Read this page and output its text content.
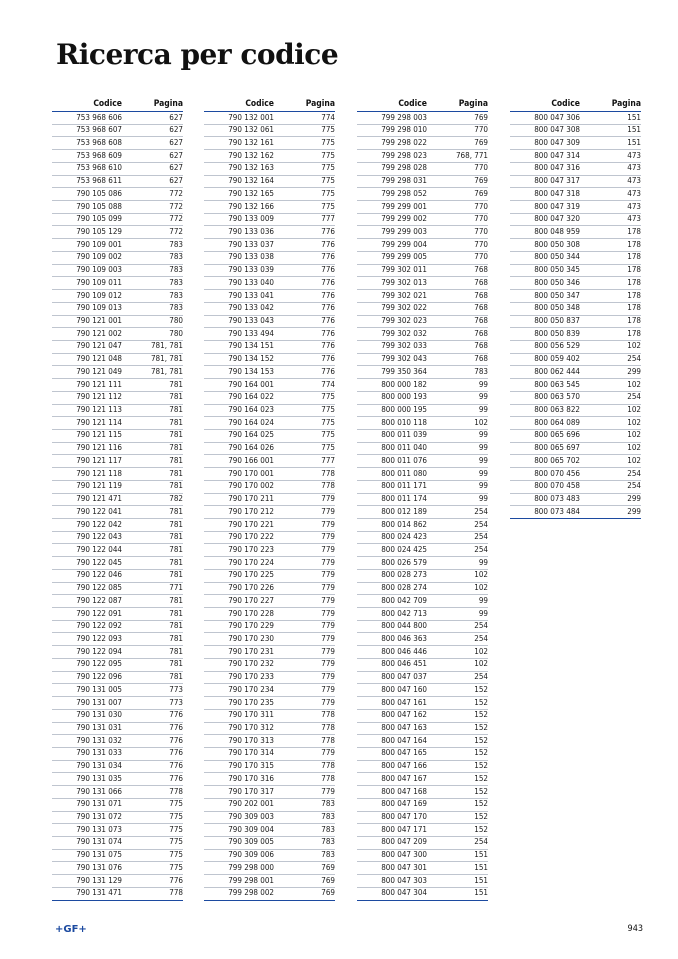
Ricerca per codice
Codice	Pagina
753 968 606	627
753 968 607	627
753 968 608	627
753 968 609	627
753 968 610	627
753 968 611	627
790 105 086	772
790 105 088	772
790 105 099	772
790 105 129	772
790 109 001	783
790 109 002	783
790 109 003	783
790 109 011	783
790 109 012	783
790 109 013	783
790 121 001	780
790 121 002	780
790 121 047	781, 781
790 121 048	781, 781
790 121 049	781, 781
790 121 111	781
790 121 112	781
790 121 113	781
790 121 114	781
790 121 115	781
790 121 116	781
790 121 117	781
790 121 118	781
790 121 119	781
790 121 471	782
790 122 041	781
790 122 042	781
790 122 043	781
790 122 044	781
790 122 045	781
790 122 046	781
790 122 085	771
790 122 087	781
790 122 091	781
790 122 092	781
790 122 093	781
790 122 094	781
790 122 095	781
790 122 096	781
790 131 005	773
790 131 007	773
790 131 030	776
790 131 031	776
790 131 032	776
790 131 033	776
790 131 034	776
790 131 035	776
790 131 066	778
790 131 071	775
790 131 072	775
790 131 073	775
790 131 074	775
790 131 075	775
790 131 076	775
790 131 129	776
790 131 471	778
Codice	Pagina
790 132 001	774
790 132 061	775
790 132 161	775
790 132 162	775
790 132 163	775
790 132 164	775
790 132 165	775
790 132 166	775
790 133 009	777
790 133 036	776
790 133 037	776
790 133 038	776
790 133 039	776
790 133 040	776
790 133 041	776
790 133 042	776
790 133 043	776
790 133 494	776
790 134 151	776
790 134 152	776
790 134 153	776
790 164 001	774
790 164 022	775
790 164 023	775
790 164 024	775
790 164 025	775
790 164 026	775
790 166 001	777
790 170 001	778
790 170 002	778
790 170 211	779
790 170 212	779
790 170 221	779
790 170 222	779
790 170 223	779
790 170 224	779
790 170 225	779
790 170 226	779
790 170 227	779
790 170 228	779
790 170 229	779
790 170 230	779
790 170 231	779
790 170 232	779
790 170 233	779
790 170 234	779
790 170 235	779
790 170 311	778
790 170 312	778
790 170 313	778
790 170 314	779
790 170 315	778
790 170 316	778
790 170 317	779
790 202 001	783
790 309 003	783
790 309 004	783
790 309 005	783
790 309 006	783
799 298 000	769
799 298 001	769
799 298 002	769
Codice	Pagina
799 298 003	769
799 298 010	770
799 298 022	769
799 298 023	768, 771
799 298 028	770
799 298 031	769
799 298 052	769
799 299 001	770
799 299 002	770
799 299 003	770
799 299 004	770
799 299 005	770
799 302 011	768
799 302 013	768
799 302 021	768
799 302 022	768
799 302 023	768
799 302 032	768
799 302 033	768
799 302 043	768
799 350 364	783
800 000 182	99
800 000 193	99
800 000 195	99
800 010 118	102
800 011 039	99
800 011 040	99
800 011 076	99
800 011 080	99
800 011 171	99
800 011 174	99
800 012 189	254
800 014 862	254
800 024 423	254
800 024 425	254
800 026 579	99
800 028 273	102
800 028 274	102
800 042 709	99
800 042 713	99
800 044 800	254
800 046 363	254
800 046 446	102
800 046 451	102
800 047 037	254
800 047 160	152
800 047 161	152
800 047 162	152
800 047 163	152
800 047 164	152
800 047 165	152
800 047 166	152
800 047 167	152
800 047 168	152
800 047 169	152
800 047 170	152
800 047 171	152
800 047 209	254
800 047 300	151
800 047 301	151
800 047 303	151
800 047 304	151
Codice	Pagina
800 047 306	151
800 047 308	151
800 047 309	151
800 047 314	473
800 047 316	473
800 047 317	473
800 047 318	473
800 047 319	473
800 047 320	473
800 048 959	178
800 050 308	178
800 050 344	178
800 050 345	178
800 050 346	178
800 050 347	178
800 050 348	178
800 050 837	178
800 050 839	178
800 056 529	102
800 059 402	254
800 062 444	299
800 063 545	102
800 063 570	254
800 063 822	102
800 064 089	102
800 065 696	102
800 065 697	102
800 065 702	102
800 070 456	254
800 070 458	254
800 073 483	299
800 073 484	299
+GF+	943
